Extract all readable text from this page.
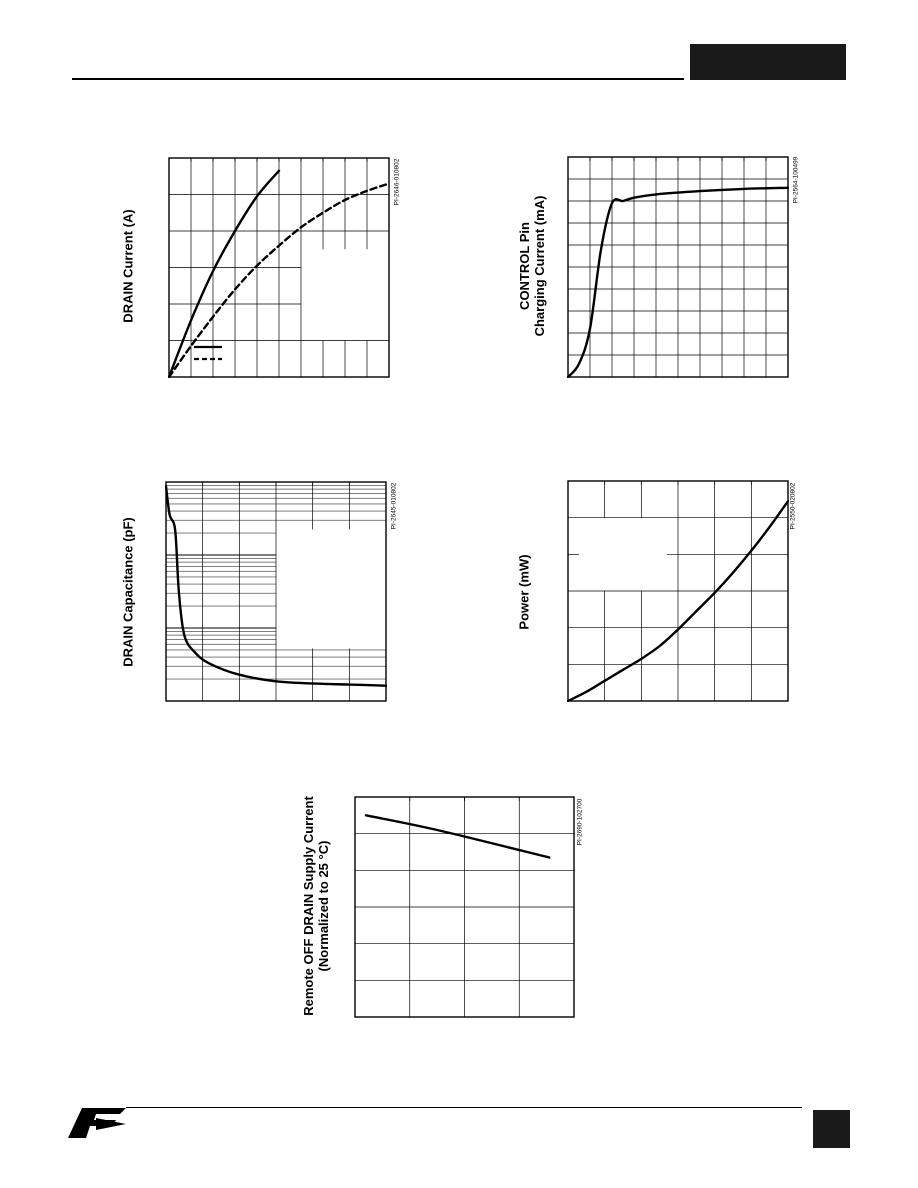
DRAIN Current (A)
PI-2646-010802
CONTROL Pin Charging Current (mA)
PI-2564-100499
DRAIN Capacitance (pF)
PI-2645-010802
Power (mW)
PI-2550-020802
Remote OFF DRAIN Supply Current (Normalized to 25 °C)
PI-2690-102700
